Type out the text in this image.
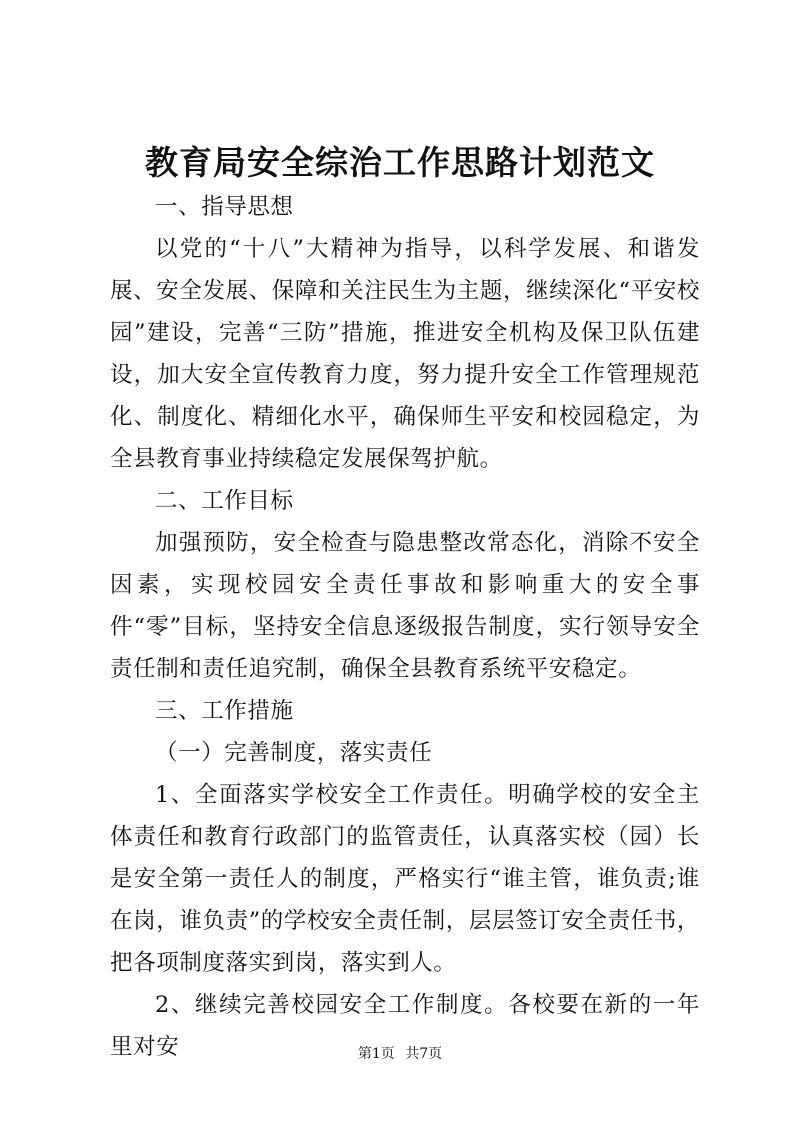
教育局安全综治工作思路计划范文

一、指导思想

以党的“十八”大精神为指导，以科学发展、和谐发展、安全发展、保障和关注民生为主题，继续深化“平安校园”建设，完善“三防”措施，推进安全机构及保卫队伍建设，加大安全宣传教育力度，努力提升安全工作管理规范化、制度化、精细化水平，确保师生平安和校园稳定，为全县教育事业持续稳定发展保驾护航。

二、工作目标

加强预防，安全检查与隐患整改常态化，消除不安全因素，实现校园安全责任事故和影响重大的安全事件“零”目标，坚持安全信息逐级报告制度，实行领导安全责任制和责任追究制，确保全县教育系统平安稳定。

三、工作措施

（一）完善制度，落实责任

1、全面落实学校安全工作责任。明确学校的安全主体责任和教育行政部门的监管责任，认真落实校（园）长是安全第一责任人的制度，严格实行“谁主管，谁负责;谁在岗，谁负责”的学校安全责任制，层层签订安全责任书，把各项制度落实到岗，落实到人。

2、继续完善校园安全工作制度。各校要在新的一年里对安	第1页 共7页
